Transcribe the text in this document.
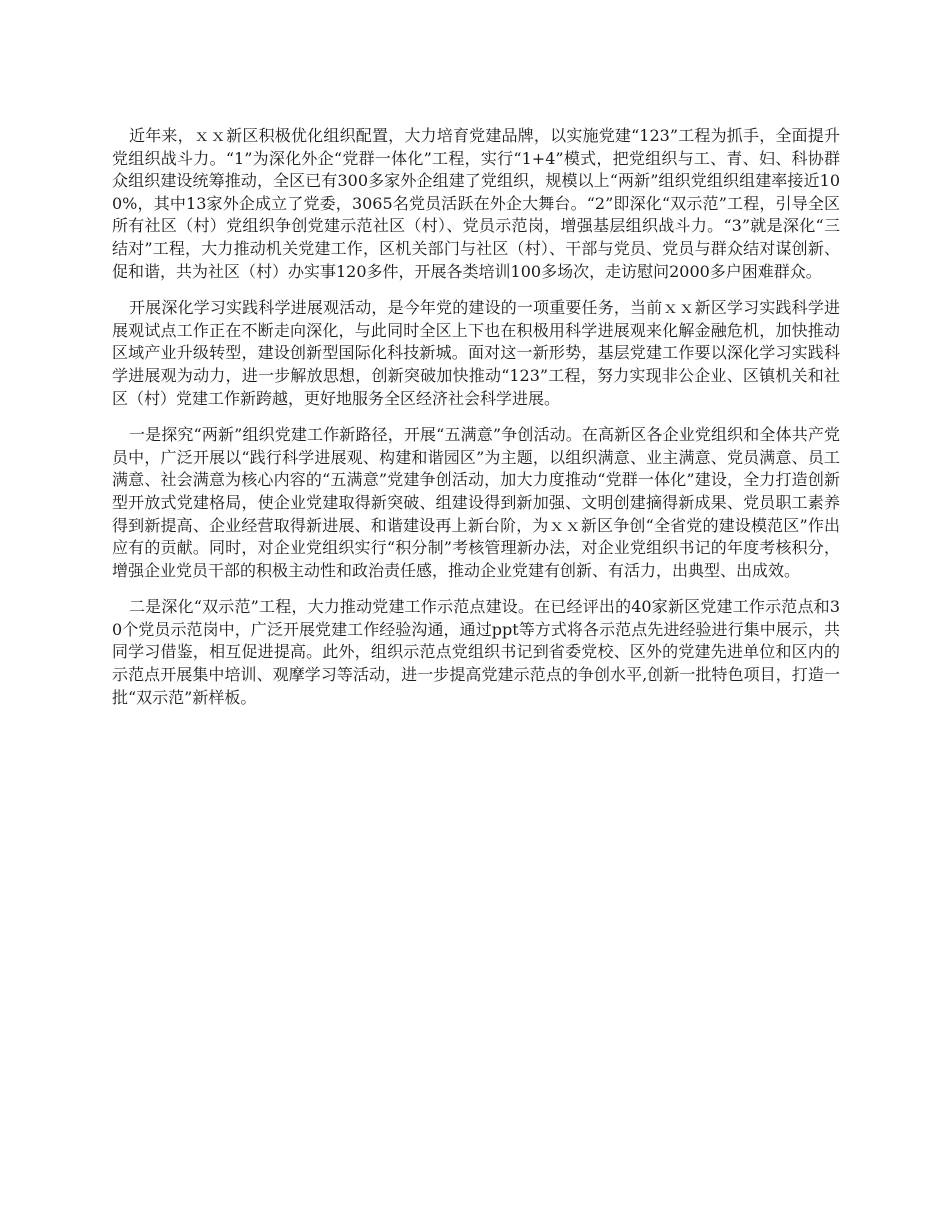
近年来，ｘｘ新区积极优化组织配置，大力培育党建品牌，以实施党建“123”工程为抓手，全面提升党组织战斗力。“1”为深化外企“党群一体化”工程，实行“1+4”模式，把党组织与工、青、妇、科协群众组织建设统筹推动，全区已有300多家外企组建了党组织，规模以上“两新”组织党组织组建率接近100%，其中13家外企成立了党委，3065名党员活跃在外企大舞台。“2”即深化“双示范”工程，引导全区所有社区（村）党组织争创党建示范社区（村）、党员示范岗，增强基层组织战斗力。“3”就是深化“三结对”工程，大力推动机关党建工作，区机关部门与社区（村）、干部与党员、党员与群众结对谋创新、促和谐，共为社区（村）办实事120多件，开展各类培训100多场次，走访慰问2000多户困难群众。

开展深化学习实践科学进展观活动，是今年党的建设的一项重要任务，当前ｘｘ新区学习实践科学进展观试点工作正在不断走向深化，与此同时全区上下也在积极用科学进展观来化解金融危机，加快推动区域产业升级转型，建设创新型国际化科技新城。面对这一新形势，基层党建工作要以深化学习实践科学进展观为动力，进一步解放思想，创新突破加快推动“123”工程，努力实现非公企业、区镇机关和社区（村）党建工作新跨越，更好地服务全区经济社会科学进展。

一是探究“两新”组织党建工作新路径，开展“五满意”争创活动。在高新区各企业党组织和全体共产党员中，广泛开展以“践行科学进展观、构建和谐园区”为主题，以组织满意、业主满意、党员满意、员工满意、社会满意为核心内容的“五满意”党建争创活动，加大力度推动“党群一体化”建设，全力打造创新型开放式党建格局，使企业党建取得新突破、组建设得到新加强、文明创建摘得新成果、党员职工素养得到新提高、企业经营取得新进展、和谐建设再上新台阶，为ｘｘ新区争创“全省党的建设模范区”作出应有的贡献。同时，对企业党组织实行“积分制”考核管理新办法，对企业党组织书记的年度考核积分，增强企业党员干部的积极主动性和政治责任感，推动企业党建有创新、有活力，出典型、出成效。

二是深化“双示范”工程，大力推动党建工作示范点建设。在已经评出的40家新区党建工作示范点和30个党员示范岗中，广泛开展党建工作经验沟通，通过ppt等方式将各示范点先进经验进行集中展示，共同学习借鉴，相互促进提高。此外，组织示范点党组织书记到省委党校、区外的党建先进单位和区内的示范点开展集中培训、观摩学习等活动，进一步提高党建示范点的争创水平,创新一批特色项目，打造一批“双示范”新样板。
